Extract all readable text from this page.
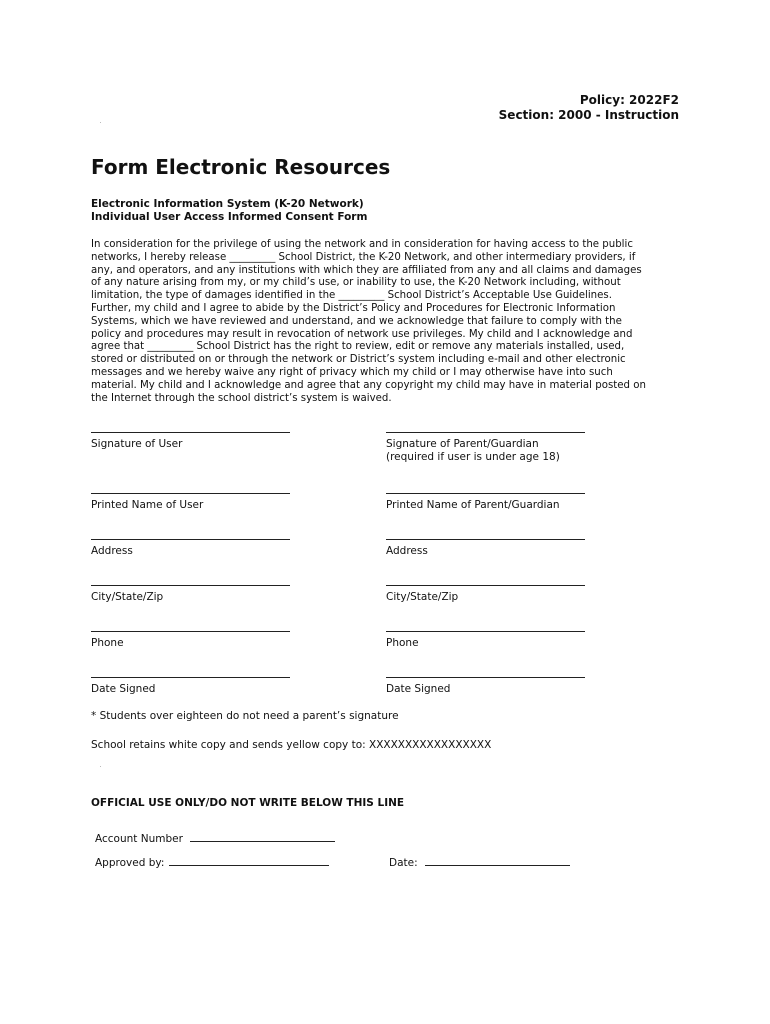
Policy: 2022F2
Section: 2000 - Instruction
Form Electronic Resources
Electronic Information System (K-20 Network)
Individual User Access Informed Consent Form
In consideration for the privilege of using the network and in consideration for having access to the public
networks, I hereby release _________ School District, the K-20 Network, and other intermediary providers, if
any, and operators, and any institutions with which they are affiliated from any and all claims and damages
of any nature arising from my, or my child’s use, or inability to use, the K-20 Network including, without
limitation, the type of damages identified in the _________ School District’s Acceptable Use Guidelines.
Further, my child and I agree to abide by the District’s Policy and Procedures for Electronic Information
Systems, which we have reviewed and understand, and we acknowledge that failure to comply with the
policy and procedures may result in revocation of network use privileges. My child and I acknowledge and
agree that _________ School District has the right to review, edit or remove any materials installed, used,
stored or distributed on or through the network or District’s system including e-mail and other electronic
messages and we hereby waive any right of privacy which my child or I may otherwise have into such
material. My child and I acknowledge and agree that any copyright my child may have in material posted on
the Internet through the school district’s system is waived.
Signature of User
Printed Name of User
Address
City/State/Zip
Phone
Date Signed
Signature of Parent/Guardian
(required if user is under age 18)
Printed Name of Parent/Guardian
Address
City/State/Zip
Phone
Date Signed
* Students over eighteen do not need a parent’s signature
School retains white copy and sends yellow copy to: XXXXXXXXXXXXXXXXX
OFFICIAL USE ONLY/DO NOT WRITE BELOW THIS LINE
Account Number
Approved by:	Date:
